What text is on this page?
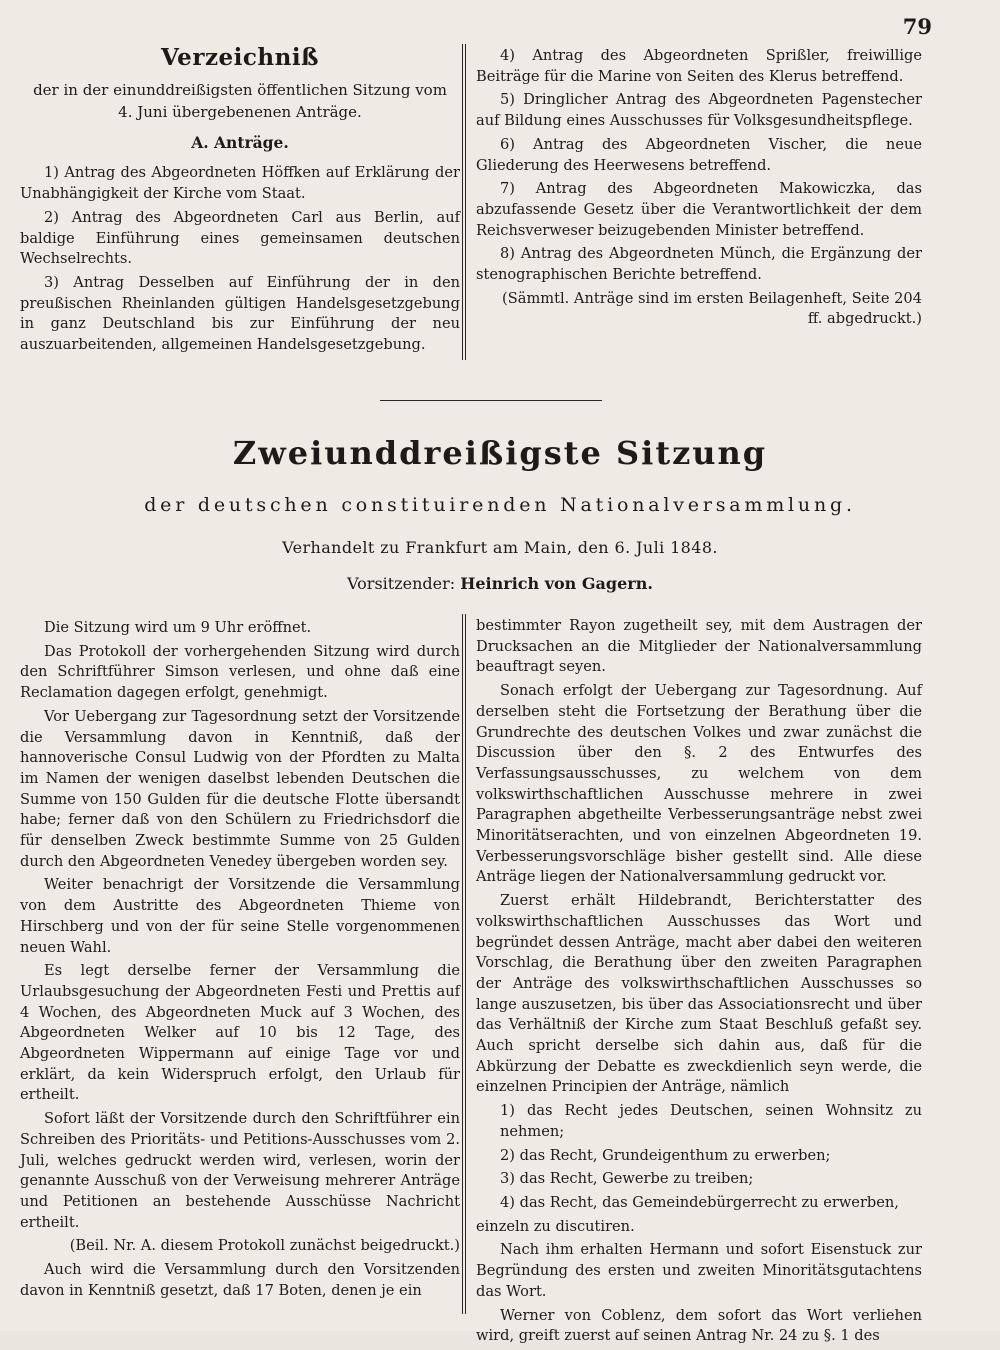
79
Verzeichniß
der in der einunddreißigsten öffentlichen Sitzung vom
4. Juni übergebenenen Anträge.
A. Anträge.

1) Antrag des Abgeordneten Höffken auf Erklärung der Unabhängigkeit der Kirche vom Staat.

2) Antrag des Abgeordneten Carl aus Berlin, auf baldige Einführung eines gemeinsamen deutschen Wechselrechts.

3) Antrag Desselben auf Einführung der in den preußischen Rheinlanden gültigen Handelsgesetzgebung in ganz Deutschland bis zur Einführung der neu auszuarbeitenden, allgemeinen Handelsgesetzgebung.

4) Antrag des Abgeordneten Sprißler, freiwillige Beiträge für die Marine von Seiten des Klerus betreffend.

5) Dringlicher Antrag des Abgeordneten Pagenstecher auf Bildung eines Ausschusses für Volksgesundheitspflege.

6) Antrag des Abgeordneten Vischer, die neue Gliederung des Heerwesens betreffend.

7) Antrag des Abgeordneten Makowiczka, das abzufassende Gesetz über die Verantwortlichkeit der dem Reichsverweser beizugebenden Minister betreffend.

8) Antrag des Abgeordneten Münch, die Ergänzung der stenographischen Berichte betreffend.

(Sämmtl. Anträge sind im ersten Beilagenheft, Seite 204 ff. abgedruckt.)

Zweiunddreißigste Sitzung
der deutschen constituirenden Nationalversammlung.
Verhandelt zu Frankfurt am Main, den 6. Juli 1848.
Vorsitzender: Heinrich von Gagern.

Die Sitzung wird um 9 Uhr eröffnet.

Das Protokoll der vorhergehenden Sitzung wird durch den Schriftführer Simson verlesen, und ohne daß eine Reclamation dagegen erfolgt, genehmigt.

Vor Uebergang zur Tagesordnung setzt der Vorsitzende die Versammlung davon in Kenntniß, daß der hannoverische Consul Ludwig von der Pfordten zu Malta im Namen der wenigen daselbst lebenden Deutschen die Summe von 150 Gulden für die deutsche Flotte übersandt habe; ferner daß von den Schülern zu Friedrichsdorf die für denselben Zweck bestimmte Summe von 25 Gulden durch den Abgeordneten Venedey übergeben worden sey.

Weiter benachrigt der Vorsitzende die Versammlung von dem Austritte des Abgeordneten Thieme von Hirschberg und von der für seine Stelle vorgenommenen neuen Wahl.

Es legt derselbe ferner der Versammlung die Urlaubsgesuchung der Abgeordneten Festi und Prettis auf 4 Wochen, des Abgeordneten Muck auf 3 Wochen, des Abgeordneten Welker auf 10 bis 12 Tage, des Abgeordneten Wippermann auf einige Tage vor und erklärt, da kein Widerspruch erfolgt, den Urlaub für ertheilt.

Sofort läßt der Vorsitzende durch den Schriftführer ein Schreiben des Prioritäts- und Petitions-Ausschusses vom 2. Juli, welches gedruckt werden wird, verlesen, worin der genannte Ausschuß von der Verweisung mehrerer Anträge und Petitionen an bestehende Ausschüsse Nachricht ertheilt.

(Beil. Nr. A. diesem Protokoll zunächst beigedruckt.)

Auch wird die Versammlung durch den Vorsitzenden davon in Kenntniß gesetzt, daß 17 Boten, denen je ein

bestimmter Rayon zugetheilt sey, mit dem Austragen der Drucksachen an die Mitglieder der Nationalversammlung beauftragt seyen.

Sonach erfolgt der Uebergang zur Tagesordnung. Auf derselben steht die Fortsetzung der Berathung über die Grundrechte des deutschen Volkes und zwar zunächst die Discussion über den §. 2 des Entwurfes des Verfassungsausschusses, zu welchem von dem volkswirthschaftlichen Ausschusse mehrere in zwei Paragraphen abgetheilte Verbesserungsanträge nebst zwei Minoritätserachten, und von einzelnen Abgeordneten 19. Verbesserungsvorschläge bisher gestellt sind. Alle diese Anträge liegen der Nationalversammlung gedruckt vor.

Zuerst erhält Hildebrandt, Berichterstatter des volkswirthschaftlichen Ausschusses das Wort und begründet dessen Anträge, macht aber dabei den weiteren Vorschlag, die Berathung über den zweiten Paragraphen der Anträge des volkswirthschaftlichen Ausschusses so lange auszusetzen, bis über das Associationsrecht und über das Verhältniß der Kirche zum Staat Beschluß gefaßt sey. Auch spricht derselbe sich dahin aus, daß für die Abkürzung der Debatte es zweckdienlich seyn werde, die einzelnen Principien der Anträge, nämlich

1) das Recht jedes Deutschen, seinen Wohnsitz zu nehmen;

2) das Recht, Grundeigenthum zu erwerben;

3) das Recht, Gewerbe zu treiben;

4) das Recht, das Gemeindebürgerrecht zu erwerben,

einzeln zu discutiren.

Nach ihm erhalten Hermann und sofort Eisenstuck zur Begründung des ersten und zweiten Minoritätsgutachtens das Wort.

Werner von Coblenz, dem sofort das Wort verliehen wird, greift zuerst auf seinen Antrag Nr. 24 zu §. 1 des
